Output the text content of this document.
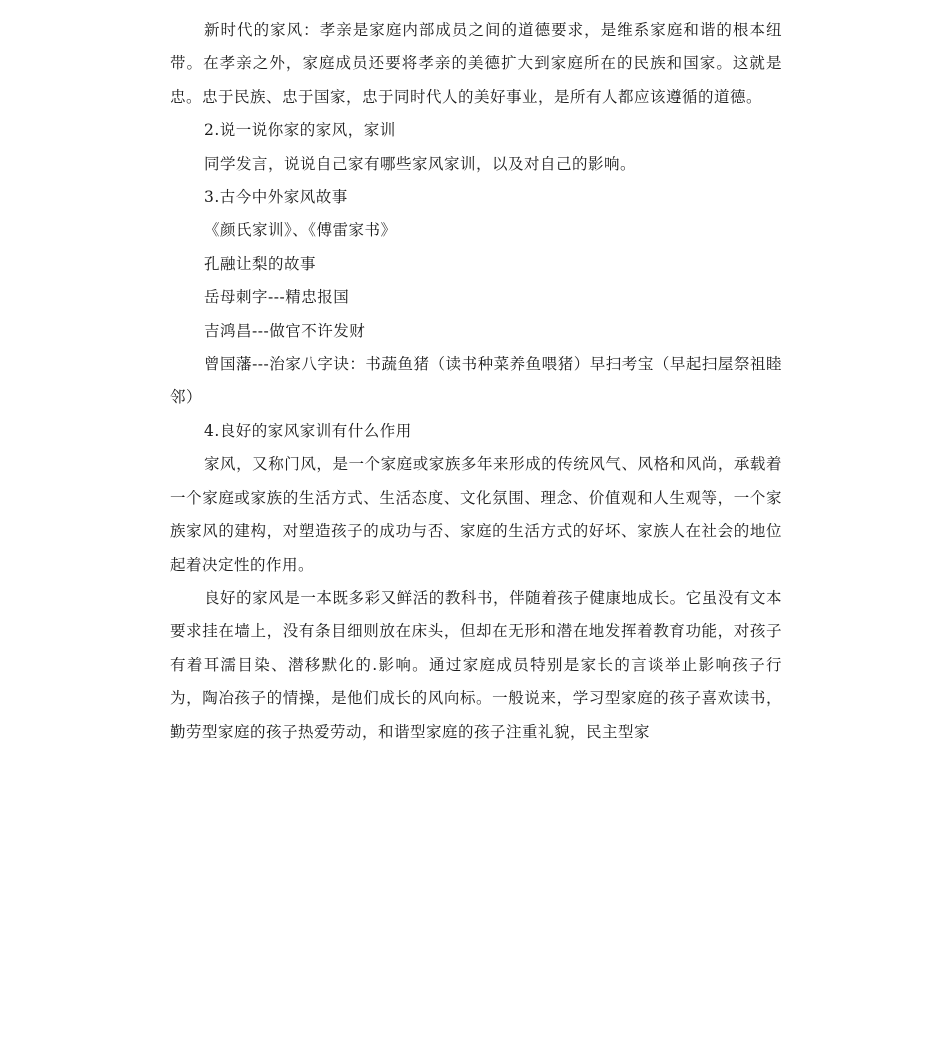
新时代的家风：孝亲是家庭内部成员之间的道德要求，是维系家庭和谐的根本纽带。在孝亲之外，家庭成员还要将孝亲的美德扩大到家庭所在的民族和国家。这就是忠。忠于民族、忠于国家，忠于同时代人的美好事业，是所有人都应该遵循的道德。

2.说一说你家的家风，家训

同学发言，说说自己家有哪些家风家训，以及对自己的影响。

3.古今中外家风故事

《颜氏家训》、《傅雷家书》

孔融让梨的故事

岳母刺字---精忠报国

吉鸿昌---做官不许发财

曾国藩---治家八字诀：书蔬鱼猪（读书种菜养鱼喂猪）早扫考宝（早起扫屋祭祖睦邻）

4.良好的家风家训有什么作用

家风，又称门风，是一个家庭或家族多年来形成的传统风气、风格和风尚，承载着一个家庭或家族的生活方式、生活态度、文化氛围、理念、价值观和人生观等，一个家族家风的建构，对塑造孩子的成功与否、家庭的生活方式的好坏、家族人在社会的地位起着决定性的作用。

良好的家风是一本既多彩又鲜活的教科书，伴随着孩子健康地成长。它虽没有文本要求挂在墙上，没有条目细则放在床头，但却在无形和潜在地发挥着教育功能，对孩子有着耳濡目染、潜移默化的.影响。通过家庭成员特别是家长的言谈举止影响孩子行为，陶冶孩子的情操，是他们成长的风向标。一般说来，学习型家庭的孩子喜欢读书，勤劳型家庭的孩子热爱劳动，和谐型家庭的孩子注重礼貌，民主型家
